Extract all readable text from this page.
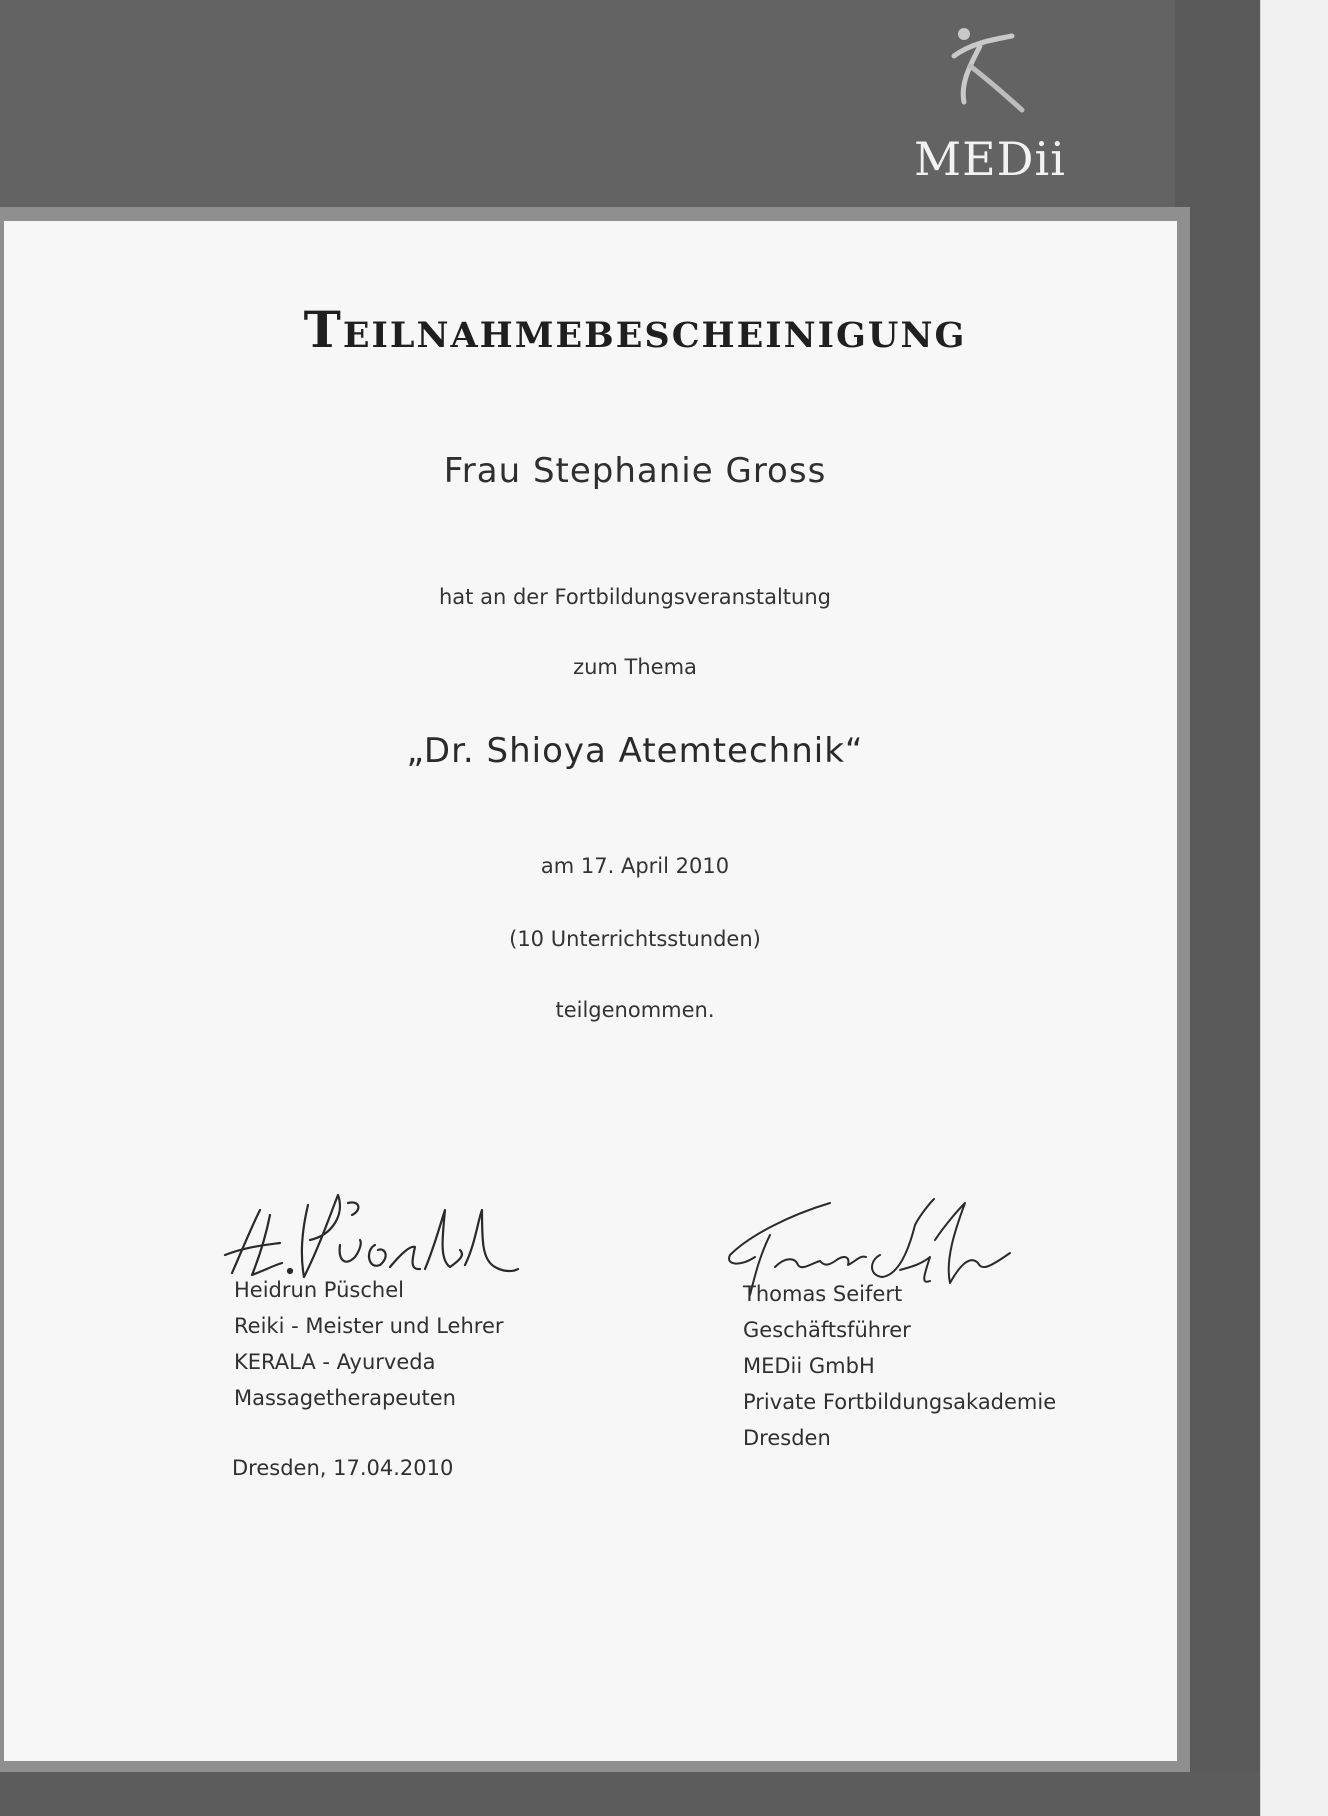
MEDii
Teilnahmebescheinigung
Frau Stephanie Gross
hat an der Fortbildungsveranstaltung
zum Thema
„Dr. Shioya Atemtechnik“
am 17. April 2010
(10 Unterrichtsstunden)
teilgenommen.
Heidrun Püschel
Reiki - Meister und Lehrer
KERALA - Ayurveda
Massagetherapeuten
Dresden, 17.04.2010
Thomas Seifert
Geschäftsführer
MEDii GmbH
Private Fortbildungsakademie
Dresden
